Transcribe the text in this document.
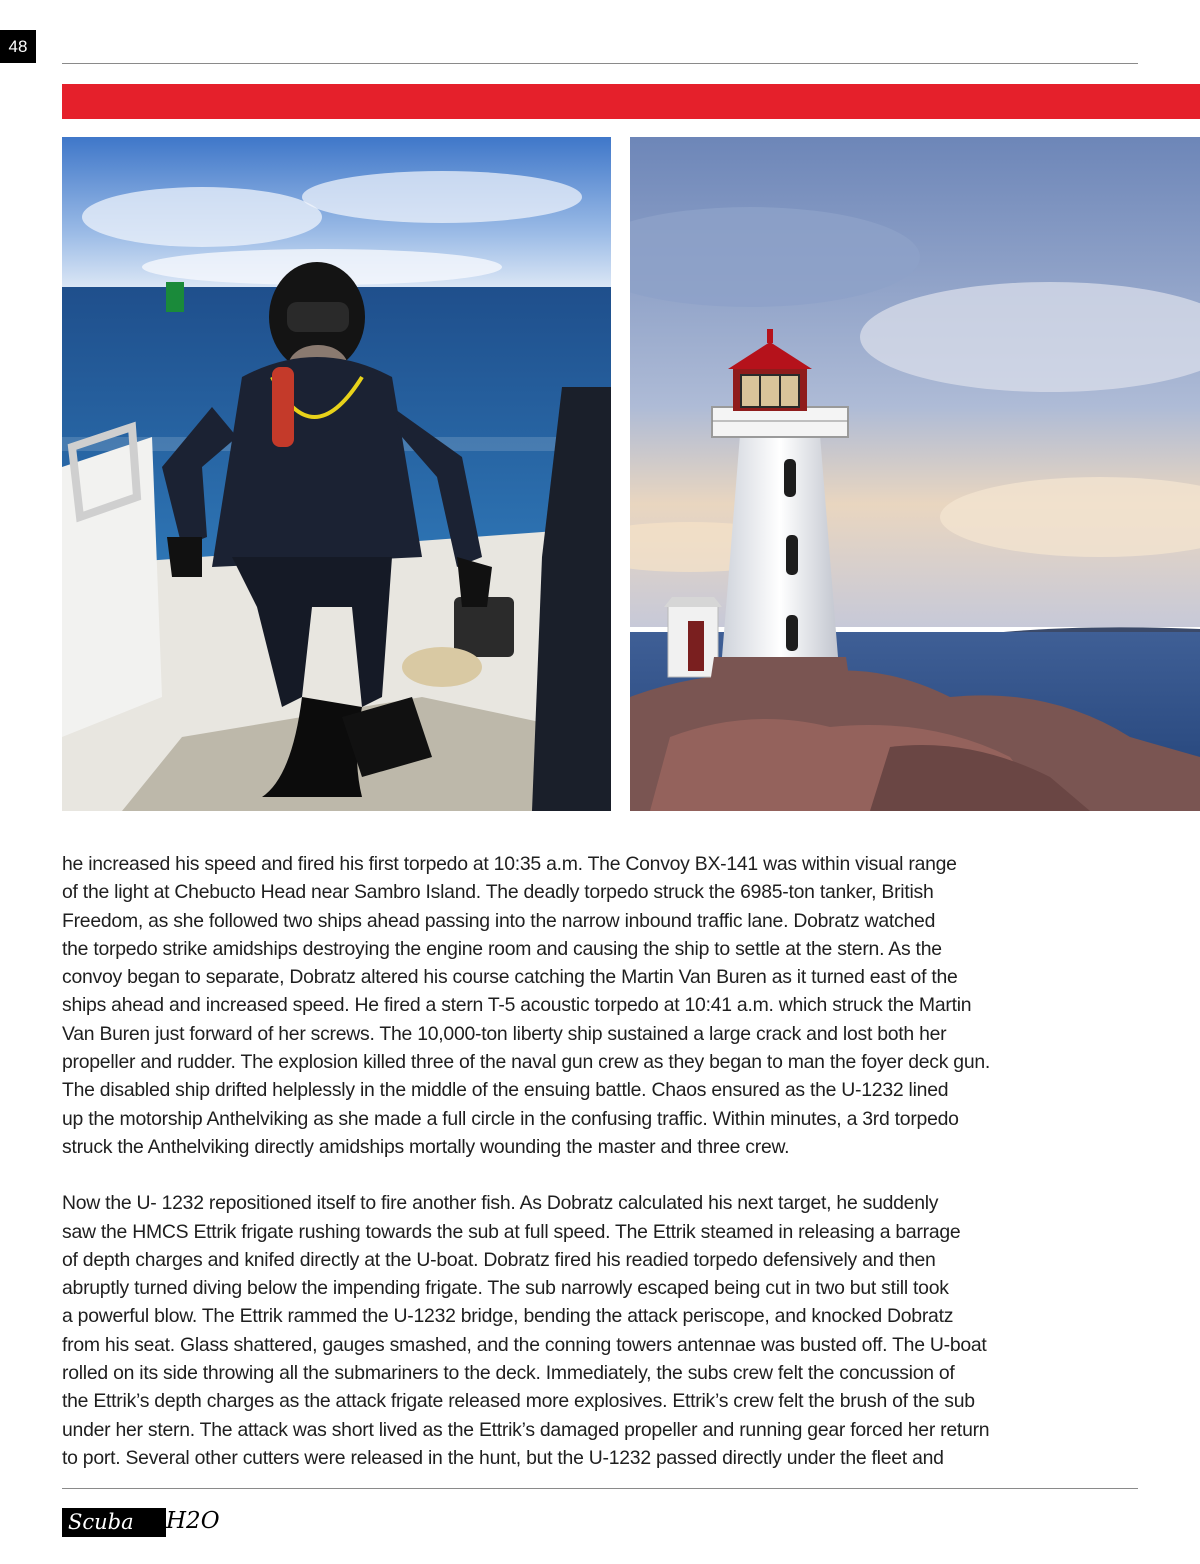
48
he increased his speed and fired his first torpedo at 10:35 a.m. The Convoy BX-141 was within visual range
of the light at Chebucto Head near Sambro Island. The deadly torpedo struck the 6985-ton tanker, British
Freedom, as she followed two ships ahead passing into the narrow inbound traffic lane. Dobratz watched
the torpedo strike amidships destroying the engine room and causing the ship to settle at the stern. As the
convoy began to separate, Dobratz altered his course catching the Martin Van Buren as it turned east of the
ships ahead and increased speed. He fired a stern T-5 acoustic torpedo at 10:41 a.m. which struck the Martin
Van Buren just forward of her screws. The 10,000-ton liberty ship sustained a large crack and lost both her
propeller and rudder. The explosion killed three of the naval gun crew as they began to man the foyer deck gun.
The disabled ship drifted helplessly in the middle of the ensuing battle. Chaos ensured as the U-1232 lined
up the motorship Anthelviking as she made a full circle in the confusing traffic. Within minutes, a 3rd torpedo
struck the Anthelviking directly amidships mortally wounding the master and three crew.
Now the U- 1232 repositioned itself to fire another fish. As Dobratz calculated his next target, he suddenly
saw the HMCS Ettrik frigate rushing towards the sub at full speed. The Ettrik steamed in releasing a barrage
of depth charges and knifed directly at the U-boat. Dobratz fired his readied torpedo defensively and then
abruptly turned diving below the impending frigate. The sub narrowly escaped being cut in two but still took
a powerful blow. The Ettrik rammed the U-1232 bridge, bending the attack periscope, and knocked Dobratz
from his seat. Glass shattered, gauges smashed, and the conning towers antennae was busted off. The U-boat
rolled on its side throwing all the submariners to the deck. Immediately, the subs crew felt the concussion of
the Ettrik’s depth charges as the attack frigate released more explosives. Ettrik’s crew felt the brush of the sub
under her stern. The attack was short lived as the Ettrik’s damaged propeller and running gear forced her return
to port. Several other cutters were released in the hunt, but the U-1232 passed directly under the fleet and
Scuba	H2O
